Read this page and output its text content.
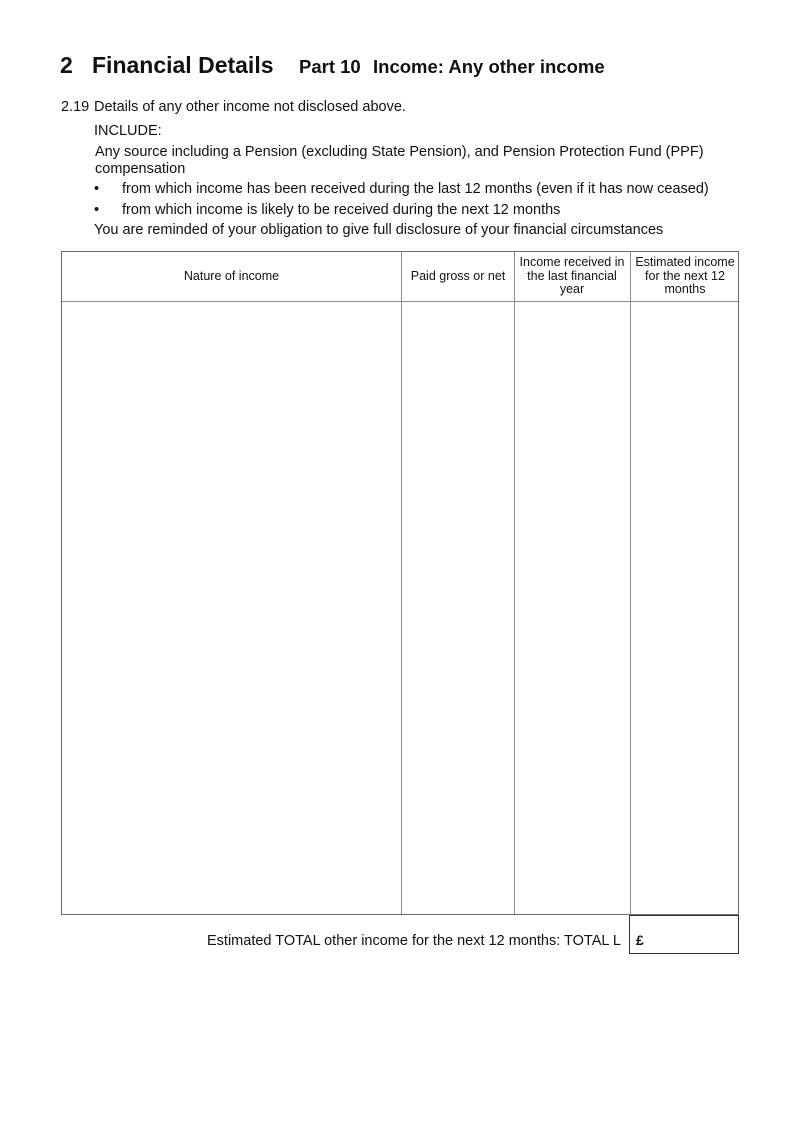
2 Financial Details Part 10 Income: Any other income
2.19 Details of any other income not disclosed above.
INCLUDE:
Any source including a Pension (excluding State Pension), and Pension Protection Fund (PPF) compensation
• from which income has been received during the last 12 months (even if it has now ceased)
• from which income is likely to be received during the next 12 months
You are reminded of your obligation to give full disclosure of your financial circumstances
Nature of income	Paid gross or net
Income received in the last financial year
Estimated income for the next 12 months
Estimated TOTAL other income for the next 12 months: TOTAL L £
